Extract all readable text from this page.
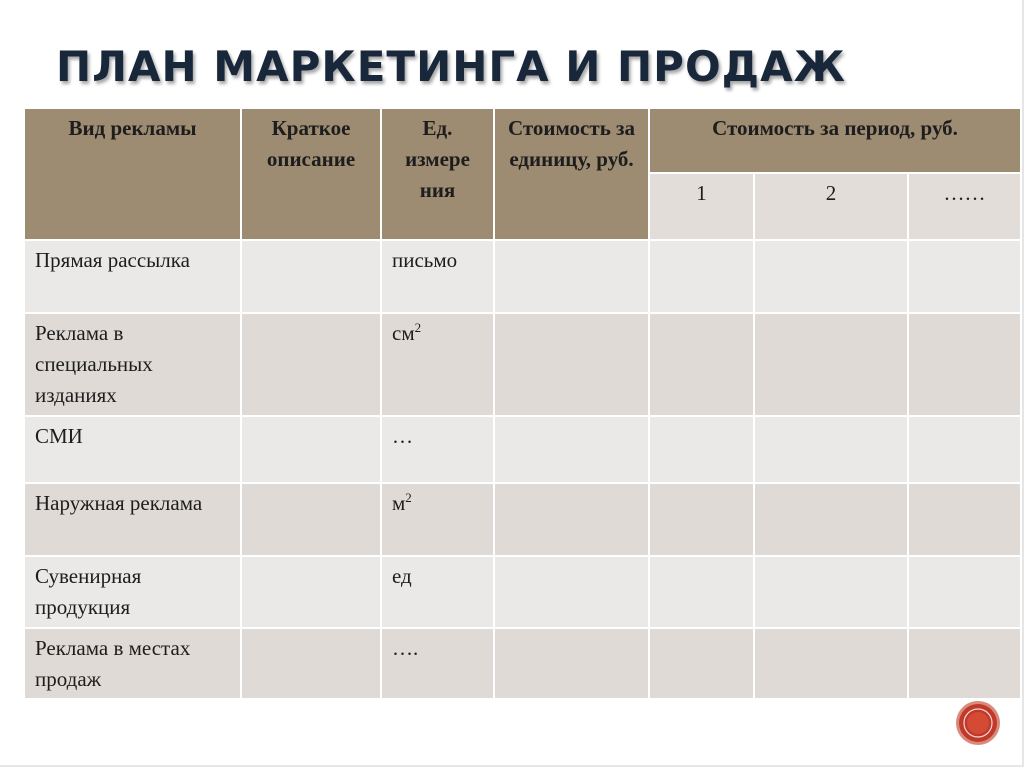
ПЛАН МАРКЕТИНГА И ПРОДАЖ
Вид рекламы	Краткое описание	Ед. измере ния	Стоимость за единицу, руб.	Стоимость за период, руб.		
				1	2	……
Прямая рассылка		письмо				
Реклама в специальных изданиях		$см^2$				
СМИ		…				
Наружная реклама		$м^2$				
Сувенирная продукция		ед				
Реклама в местах продаж		….				
